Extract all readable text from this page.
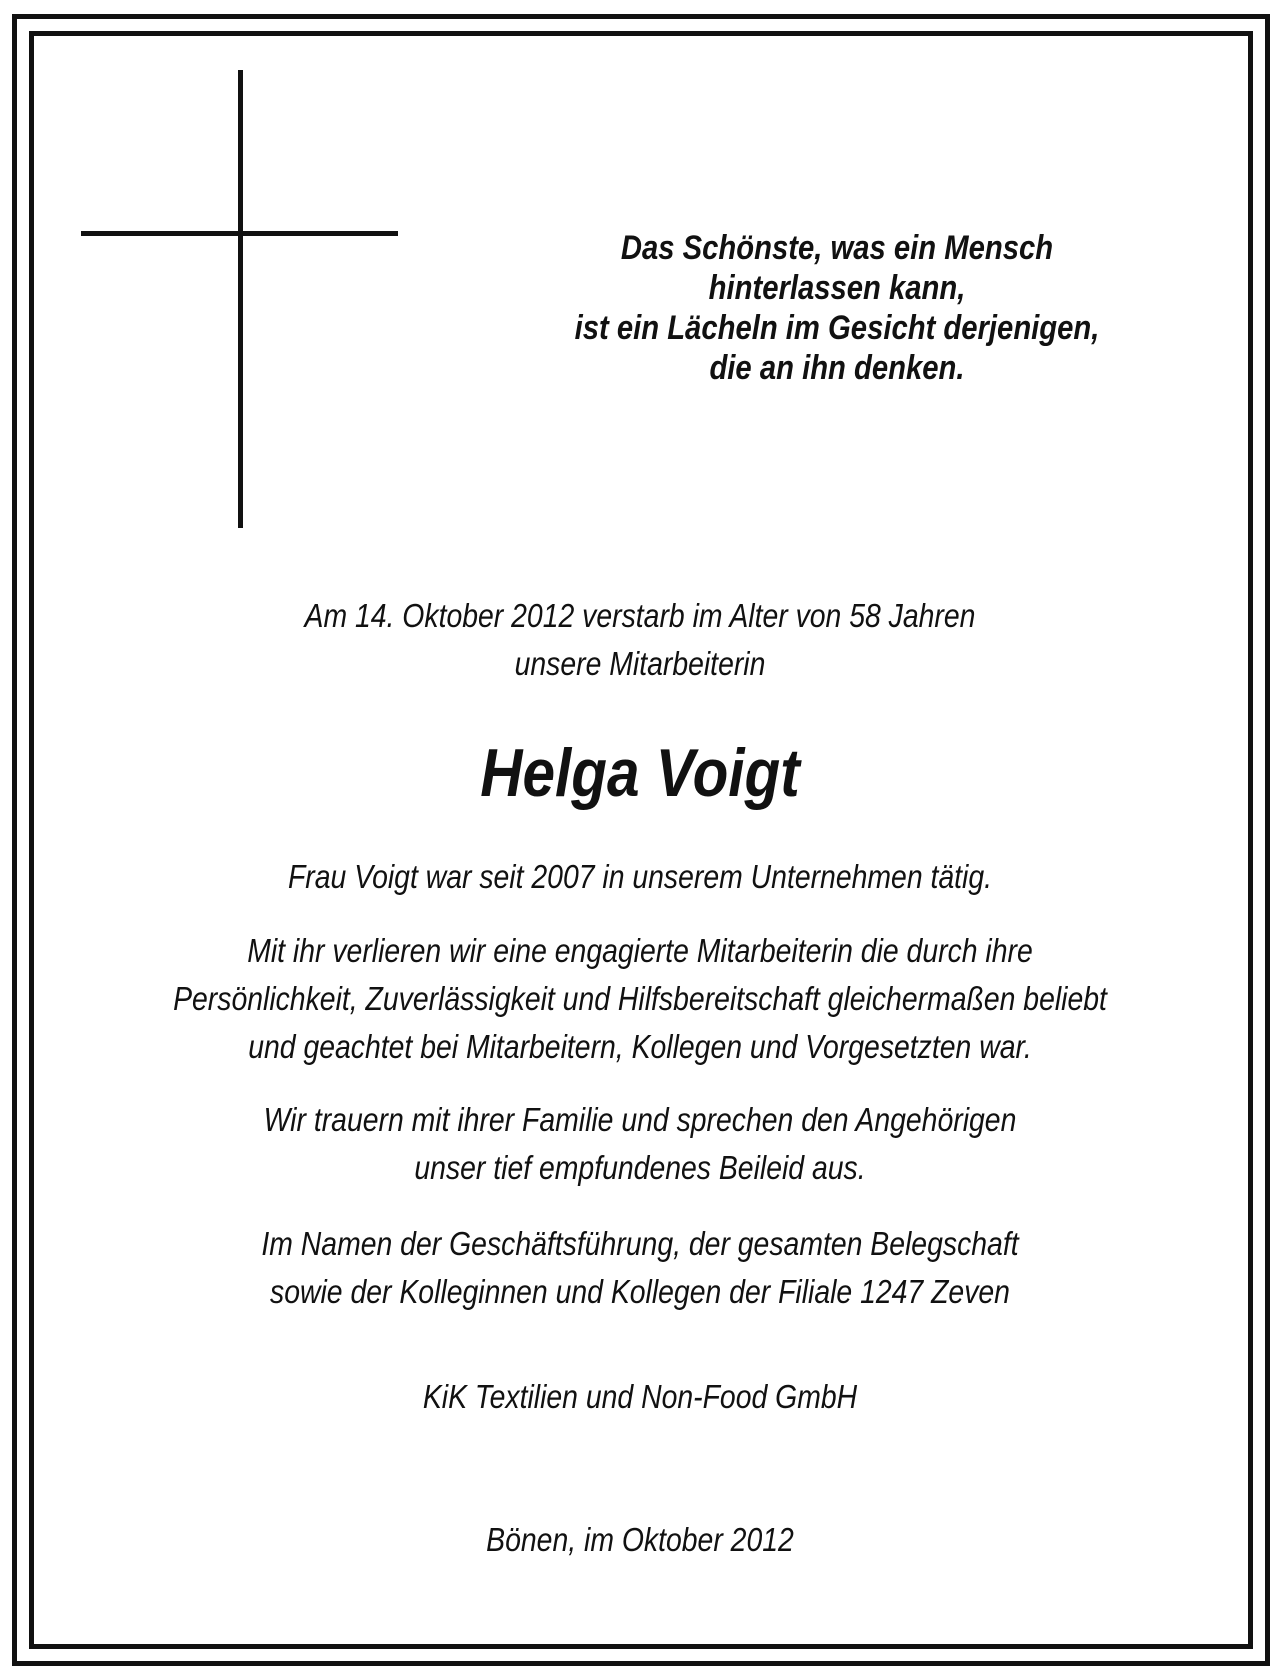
Das Schönste, was ein Mensch
hinterlassen kann,
ist ein Lächeln im Gesicht derjenigen,
die an ihn denken.
Am 14. Oktober 2012 verstarb im Alter von 58 Jahren
unsere Mitarbeiterin
Helga Voigt
Frau Voigt war seit 2007 in unserem Unternehmen tätig.
Mit ihr verlieren wir eine engagierte Mitarbeiterin die durch ihre
Persönlichkeit, Zuverlässigkeit und Hilfsbereitschaft gleichermaßen beliebt
und geachtet bei Mitarbeitern, Kollegen und Vorgesetzten war.
Wir trauern mit ihrer Familie und sprechen den Angehörigen
unser tief empfundenes Beileid aus.
Im Namen der Geschäftsführung, der gesamten Belegschaft
sowie der Kolleginnen und Kollegen der Filiale 1247 Zeven
KiK Textilien und Non-Food GmbH
Bönen, im Oktober 2012
